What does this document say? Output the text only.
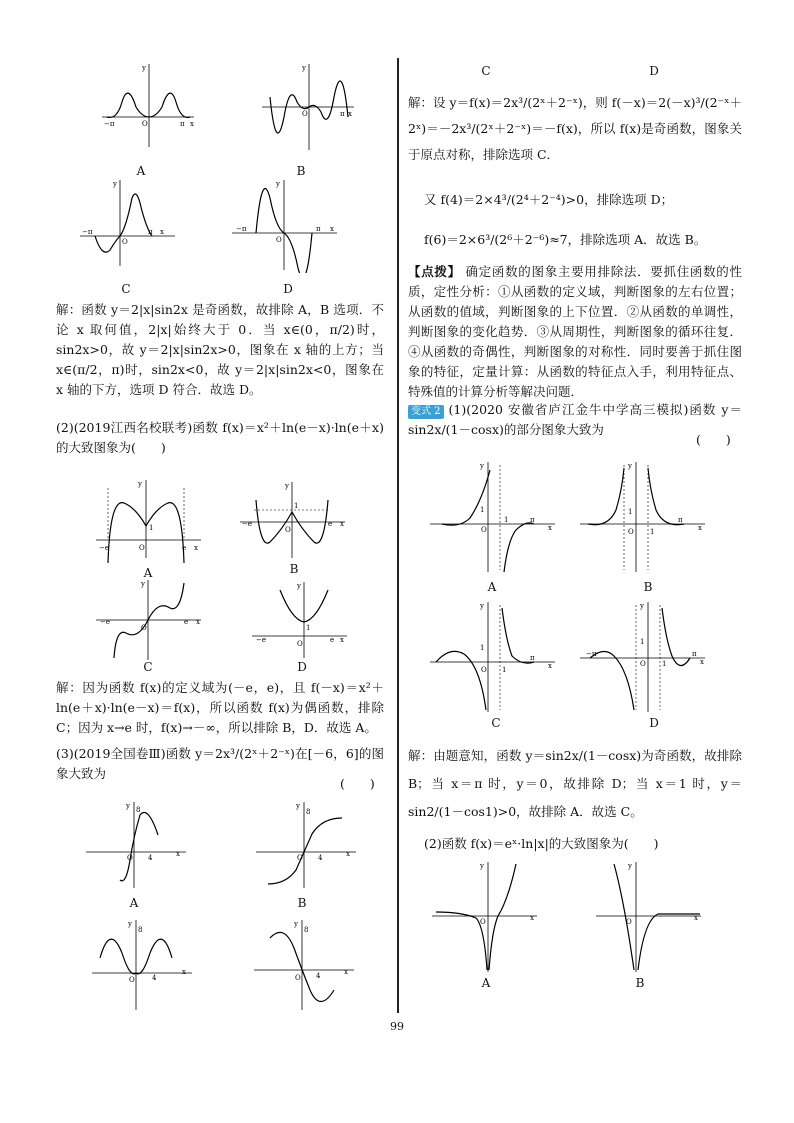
−π	O	π x
y
A
O	π x
y
B
−π
O
π x
y
C
−π
O
π x
y
D
解：函数 y＝2|x|sin2x 是奇函数，故排除 A，B 选项．不论 x 取何值，2|x|始终大于 0．当 x∈(0，π/2)时，sin2x>0，故 y＝2|x|sin2x>0，图象在 x 轴的上方；当 x∈(π/2，π)时，sin2x<0，故 y＝2|x|sin2x<0，图象在 x 轴的下方，选项 D 符合．故选 D。
(2)(2019江西名校联考)函数 f(x)＝x²＋ln(e－x)·ln(e＋x)的大致图象为(　　)
−e	O
1
e x
y
A
−e
O
1
e x
y
B
−e
O
e x
y
C
−e	O
1
e x
y
D
解：因为函数 f(x)的定义域为(－e，e)，且 f(－x)＝x²＋ln(e＋x)·ln(e－x)＝f(x)，所以函数 f(x)为偶函数，排除 C；因为 x→e 时，f(x)→－∞，所以排除 B，D．故选 A。
(3)(2019全国卷Ⅲ)函数 y＝2x³/(2ˣ＋2⁻ˣ)在[－6，6]的图象大致为
(　　)
y 8
O 4	x
A
y
8
O 4	x
B
y
8
O 4
x
y
8
O 4	x
C	D
解：设 y＝f(x)＝2x³/(2ˣ＋2⁻ˣ)，则 f(－x)＝2(－x)³/(2⁻ˣ＋2ˣ)＝－2x³/(2ˣ＋2⁻ˣ)＝－f(x)，所以 f(x)是奇函数，图象关于原点对称，排除选项 C．
又 f(4)＝2×4³/(2⁴＋2⁻⁴)>0，排除选项 D；
f(6)＝2×6³/(2⁶＋2⁻⁶)≈7，排除选项 A．故选 B。
【点拨】 确定函数的图象主要用排除法．要抓住函数的性质，定性分析：①从函数的定义域，判断图象的左右位置；从函数的值域，判断图象的上下位置．②从函数的单调性，判断图象的变化趋势．③从周期性，判断图象的循环往复．④从函数的奇偶性，判断图象的对称性．同时要善于抓住图象的特征，定量计算：从函数的特征点入手，利用特征点、特殊值的计算分析等解决问题．
变式 2 (1)(2020 安徽省庐江金牛中学高三模拟)函数 y＝sin2x/(1－cosx)的部分图象大致为
(　　)
y
1
O
1	π
x
A
y
1
O 1
π
x
B
y
1
O 1
π
x
C
−π
y
1
O 1
π
x
D
解：由题意知，函数 y＝sin2x/(1－cosx)为奇函数，故排除 B；当 x＝π 时，y＝0，故排除 D；当 x＝1 时，y＝sin2/(1－cos1)>0，故排除 A．故选 C。
(2)函数 f(x)＝eˣ·ln|x|的大致图象为(　　)
y
O	x
A
y
O	x
B
99
